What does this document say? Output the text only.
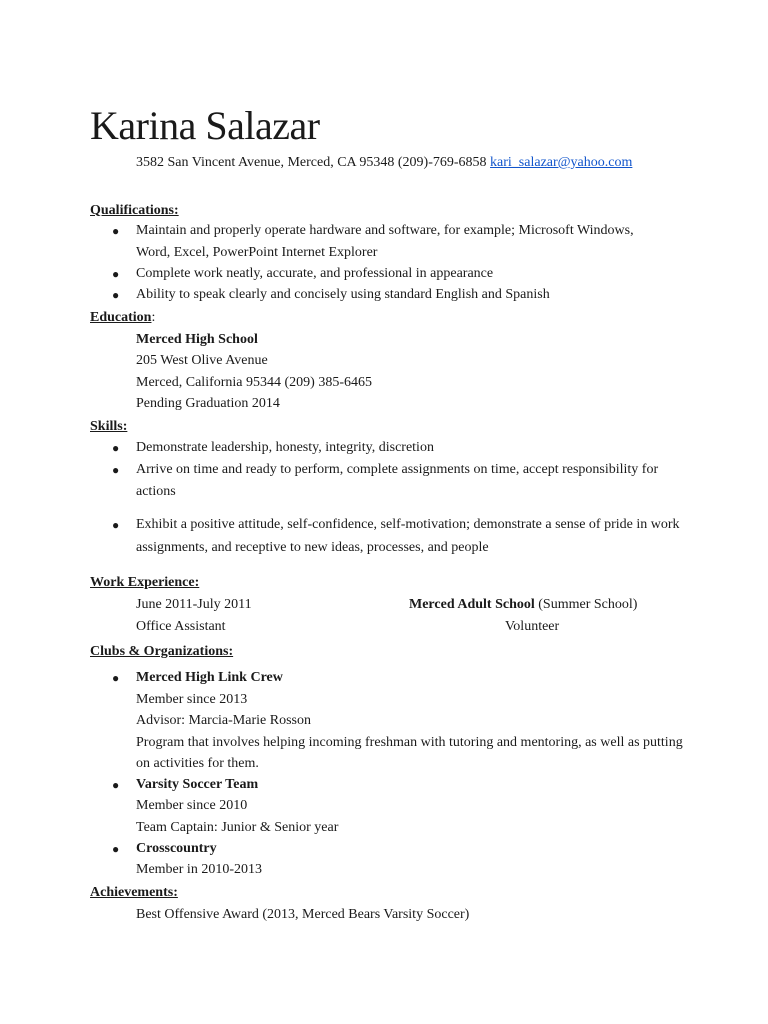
Karina Salazar
3582 San Vincent Avenue, Merced, CA 95348 (209)-769-6858 kari_salazar@yahoo.com
Qualifications:
● Maintain and properly operate hardware and software, for example; Microsoft Windows,
Word, Excel, PowerPoint Internet Explorer
● Complete work neatly, accurate, and professional in appearance
● Ability to speak clearly and concisely using standard English and Spanish
Education:
Merced High School
205 West Olive Avenue
Merced, California 95344 (209) 385-6465
Pending Graduation 2014
Skills:
● Demonstrate leadership, honesty, integrity, discretion
● Arrive on time and ready to perform, complete assignments on time, accept responsibility for
actions
● Exhibit a positive attitude, self-confidence, self-motivation; demonstrate a sense of pride in work
assignments, and receptive to new ideas, processes, and people
Work Experience:
June 2011-July 2011	Merced Adult School (Summer School)
Office Assistant	Volunteer
Clubs & Organizations:
● Merced High Link Crew
Member since 2013
Advisor: Marcia-Marie Rosson
Program that involves helping incoming freshman with tutoring and mentoring, as well as putting
on activities for them.
● Varsity Soccer Team
Member since 2010
Team Captain: Junior & Senior year
● Crosscountry
Member in 2010-2013
Achievements:
Best Offensive Award (2013, Merced Bears Varsity Soccer)
